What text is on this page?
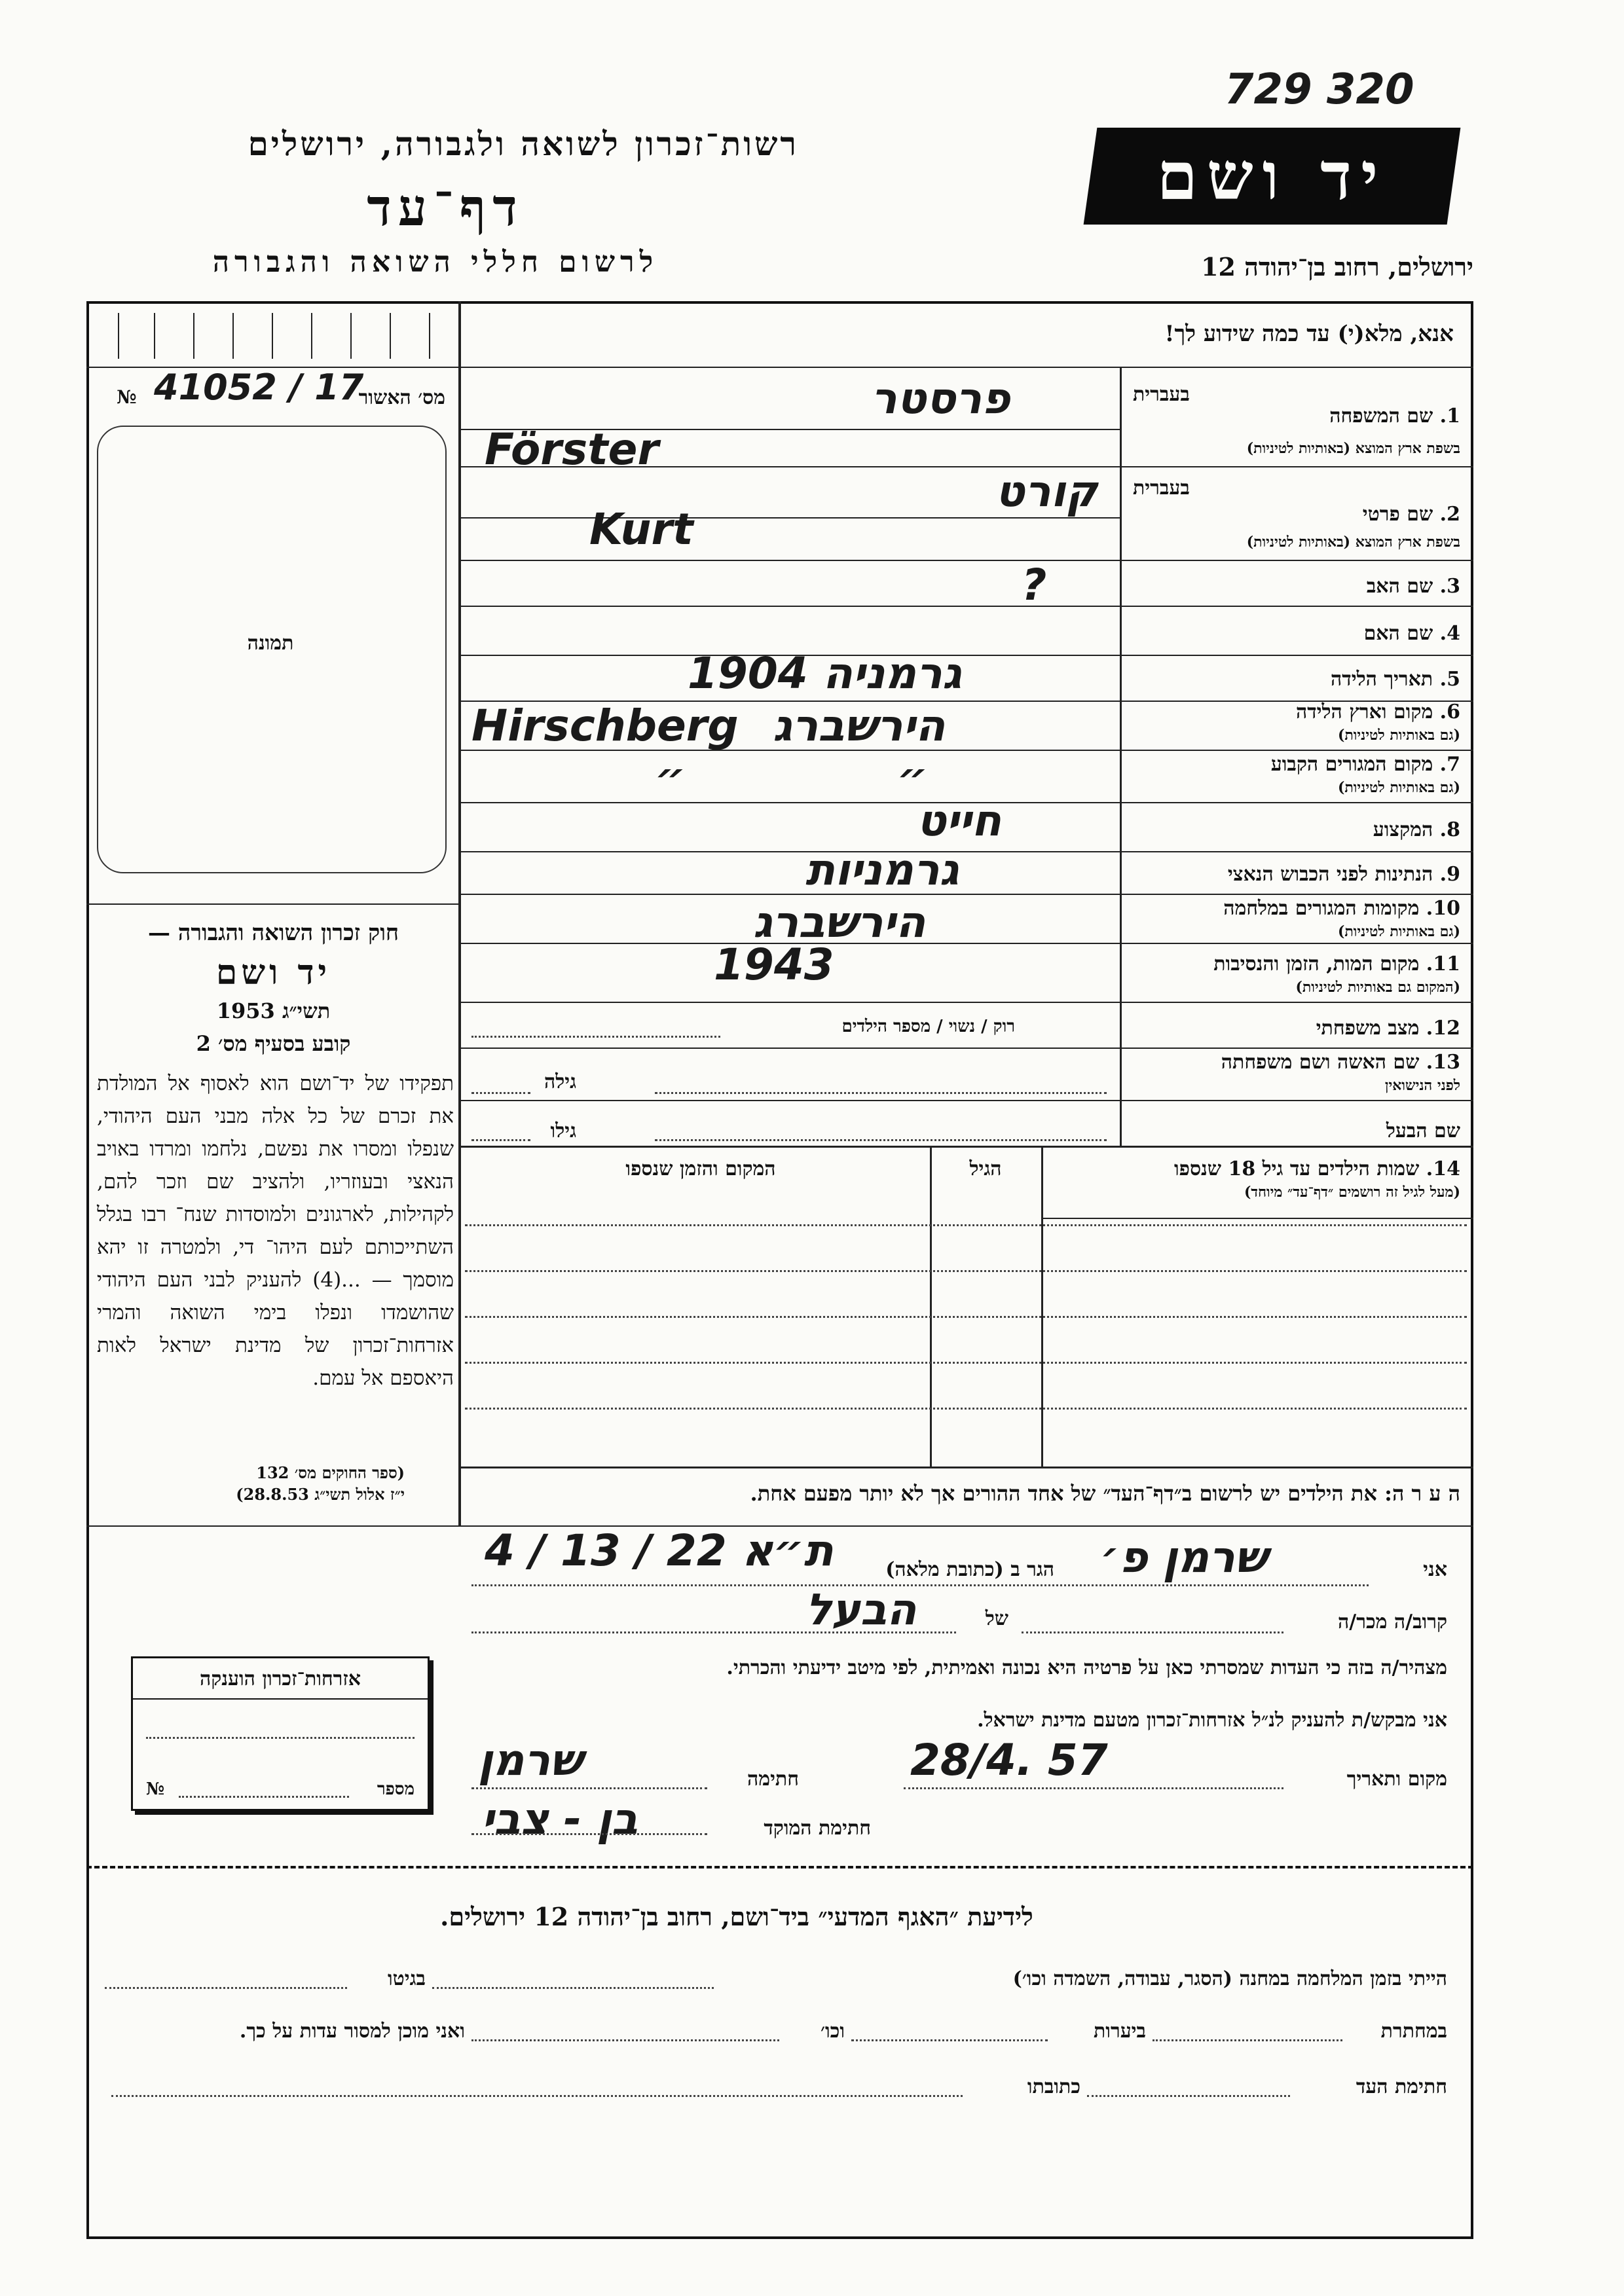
729 320
רשות־זכרון לשואה ולגבורה, ירושלים
דף־עד
לרשום חללי השואה והגבורה
יד ושם
ירושלים, רחוב בן־יהודה 12
מס׳ האשור
№ 41052 / 17
תמונה
אנא, מלא(י) עד כמה שידוע לך!
1. שם המשפחה
בשפת ארץ המוצא (באותיות לטיניות)
בעברית
פרסטר
Förster
בעברית
2. שם פרטי
בשפת ארץ המוצא (באותיות לטיניות)
קורט
Kurt
3. שם האב
?
4. שם האם
5. תאריך הלידה
גרמניה 1904
6. מקום וארץ הלידה
(גם באותיות לטיניות)
הירשברג
Hirschberg
7. מקום המגורים הקבוע
(גם באותיות לטיניות)
״ ״
8. המקצוע
חייט
9. הנתינות לפני הכבוש הנאצי
גרמניות
10. מקומות המגורים במלחמה
(גם באותיות לטיניות)
הירשברג
11. מקום המות, הזמן והנסיבות
(המקום גם באותיות לטיניות)
1943
12. מצב משפחתי
רוק / נשוי / מספר הילדים
13. שם האשה ושם משפחתה
לפני הנישואין
גילה
שם הבעל
גילו
14. שמות הילדים עד גיל 18 שנספו
(מעל לגיל זה רושמים ״דף־עד״ מיוחד)
הגיל
המקום והזמן שנספו
חוק זכרון השואה והגבורה —
יד ושם
תשי״ג 1953
קובע בסעיף מס׳ 2
תפקידו של יד־ושם הוא לאסוף אל המולדת את זכרם של כל אלה מבני העם היהודי, שנפלו ומסרו את נפשם, נלחמו ומרדו באויב הנאצי ובעוזריו, ולהציב שם וזכר להם, לקהילות, לארגונים ולמוסדות שנח־ רבו בגלל השתייכותם לעם היהו־ די, ולמטרה זו יהא מוסמך — ...(4) להעניק לבני העם היהודי שהושמדו ונפלו בימי השואה והמרי אזרחות־זכרון של מדינת ישראל לאות היאספם אל עמם.
(ספר החוקים מס׳ 132
י״ז אלול תשי״ג 28.8.53)	ה ע ר ה: את הילדים יש לרשום ב״דף־העד״ של אחד ההורים אך לא יותר מפעם אחת.
אני
שרמן פ׳
הגר ב (כתובת מלאה)
ת״א 22 / 13 / 4
קרוב/ה מכר/ה
של
הבעל
מצהיר/ה בזה כי העדות שמסרתי כאן על פרטיה היא נכונה ואמיתית, לפי מיטב ידיעתי והכרתי.
אני מבקש/ת להעניק לנ״ל אזרחות־זכרון מטעם מדינת ישראל.
מקום ותאריך
28/4. 57
חתימה
שרמן
חתימת המוקד
בן - צבי
אזרחות־זכרון הוענקה
מספר
№
לידיעת ״האגף המדעי״ ביד־ושם, רחוב בן־יהודה 12 ירושלים.
הייתי בזמן המלחמה במחנה (הסגר, עבודה, השמדה וכו׳)
בגיטו
במחתרת
ביערות
וכו׳
ואני מוכן למסור עדות על כך.
חתימת העד
כתובתו
